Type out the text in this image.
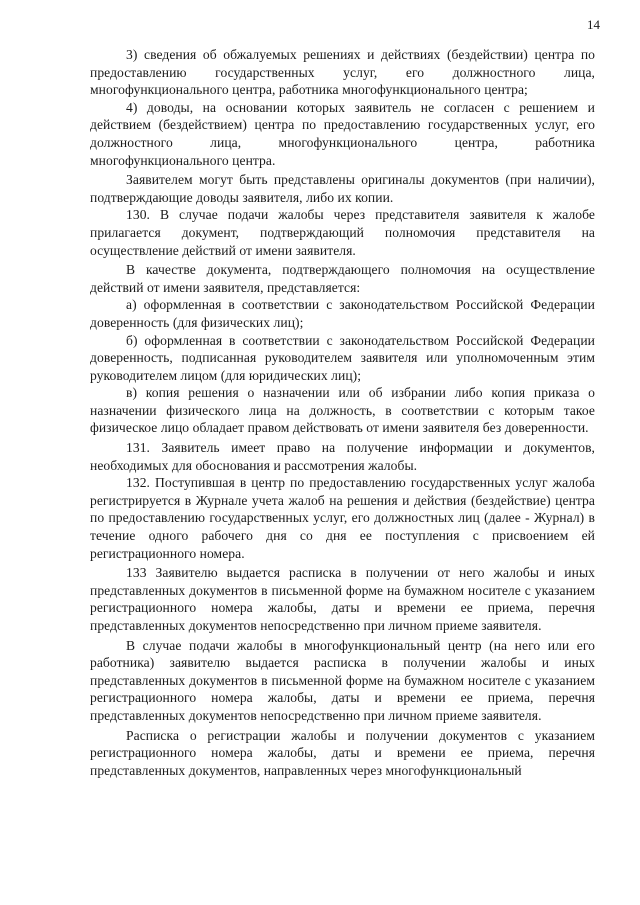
14

3) сведения об обжалуемых решениях и действиях (бездействии) центра по предоставлению государственных услуг, его должностного лица, многофункционального центра, работника многофункционального центра;

4) доводы, на основании которых заявитель не согласен с решением и действием (бездействием) центра по предоставлению государственных услуг, его должностного лица, многофункционального центра, работника многофункционального центра.

Заявителем могут быть представлены оригиналы документов (при наличии), подтверждающие доводы заявителя, либо их копии.

130. В случае подачи жалобы через представителя заявителя к жалобе прилагается документ, подтверждающий полномочия представителя на осуществление действий от имени заявителя.

В качестве документа, подтверждающего полномочия на осуществление действий от имени заявителя, представляется:

а) оформленная в соответствии с законодательством Российской Федерации доверенность (для физических лиц);

б) оформленная в соответствии с законодательством Российской Федерации доверенность, подписанная руководителем заявителя или уполномоченным этим руководителем лицом (для юридических лиц);

в) копия решения о назначении или об избрании либо копия приказа о назначении физического лица на должность, в соответствии с которым такое физическое лицо обладает правом действовать от имени заявителя без доверенности.

131. Заявитель имеет право на получение информации и документов, необходимых для обоснования и рассмотрения жалобы.

132. Поступившая в центр по предоставлению государственных услуг жалоба регистрируется в Журнале учета жалоб на решения и действия (бездействие) центра по предоставлению государственных услуг, его должностных лиц (далее - Журнал) в течение одного рабочего дня со дня ее поступления с присвоением ей регистрационного номера.

133 Заявителю выдается расписка в получении от него жалобы и иных представленных документов в письменной форме на бумажном носителе с указанием регистрационного номера жалобы, даты и времени ее приема, перечня представленных документов непосредственно при личном приеме заявителя.

В случае подачи жалобы в многофункциональный центр (на него или его работника) заявителю выдается расписка в получении жалобы и иных представленных документов в письменной форме на бумажном носителе с указанием регистрационного номера жалобы, даты и времени ее приема, перечня представленных документов непосредственно при личном приеме заявителя.

Расписка о регистрации жалобы и получении документов с указанием регистрационного номера жалобы, даты и времени ее приема, перечня представленных документов, направленных через многофункциональный
